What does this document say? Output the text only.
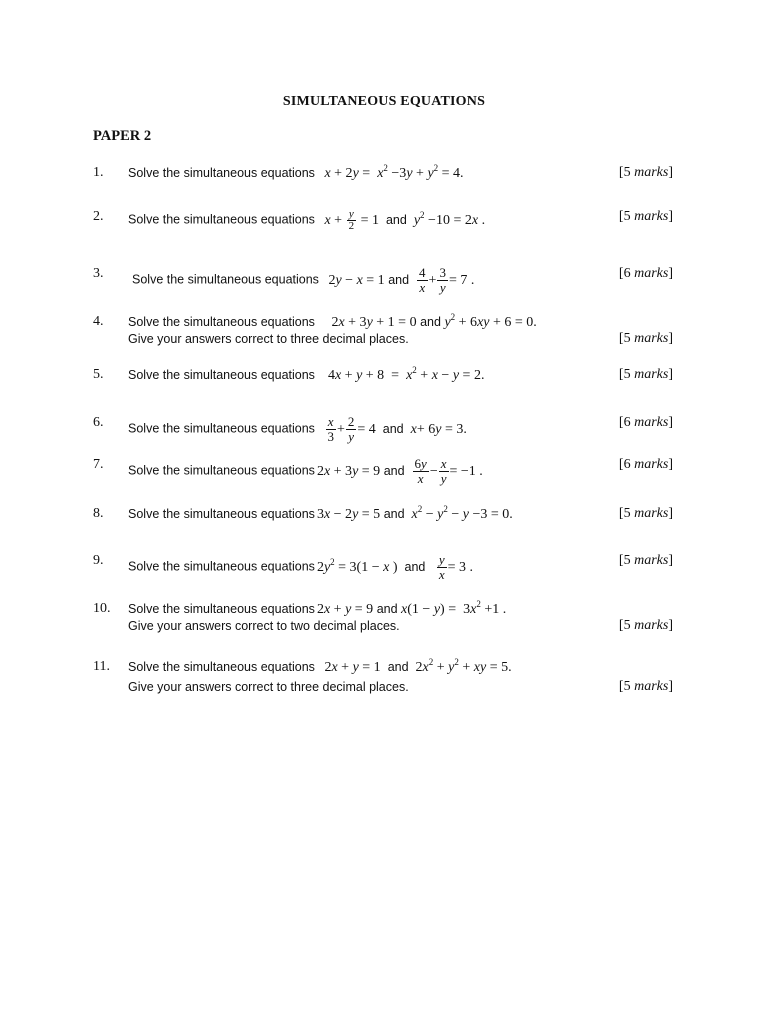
SIMULTANEOUS EQUATIONS
PAPER 2
1. Solve the simultaneous equations $x + 2y = x^2 -3y + y^2 = 4$.	[5 marks]
2. Solve the simultaneous equations $x + \frac{y}{2} = 1$  and $y^2 -10 = 2x$ .	[5 marks]
3. Solve the simultaneous equations 2y − x = 1 and $\frac{4}{x} + \frac{3}{y} = 7$ .	[6 marks]
4. Solve the simultaneous equations   2x + 3y + 1 = 0 and $y^2 + 6xy + 6 = 0$.
Give your answers correct to three decimal places.	[5 marks]
5. Solve the simultaneous equations  $4x + y + 8 = x^2 + x - y = 2$.	[5 marks]
6. Solve the simultaneous equations $\frac{x}{3} + \frac{2}{y} = 4$  and x+ 6y = 3.	[6 marks]
7. Solve the simultaneous equations 2x + 3y = 9 and $\frac{6y}{x} - \frac{x}{y} = -1$ .	[6 marks]
8. Solve the simultaneous equations 3x − 2y = 5 and $x^2 - y^2 - y -3 = 0$.	[5 marks]
9. Solve the simultaneous equations $2y^2 = 3(1 - x$ )  and $\frac{y}{x} = 3$ .	[5 marks]
10. Solve the simultaneous equations 2x + y = 9 and $x(1 - y) = 3x^2 +1$ .
Give your answers correct to two decimal places.	[5 marks]
11. Solve the simultaneous equations 2x + y = 1  and  $2x^2 + y^2$ + xy = 5.
Give your answers correct to three decimal places.	[5 marks]
